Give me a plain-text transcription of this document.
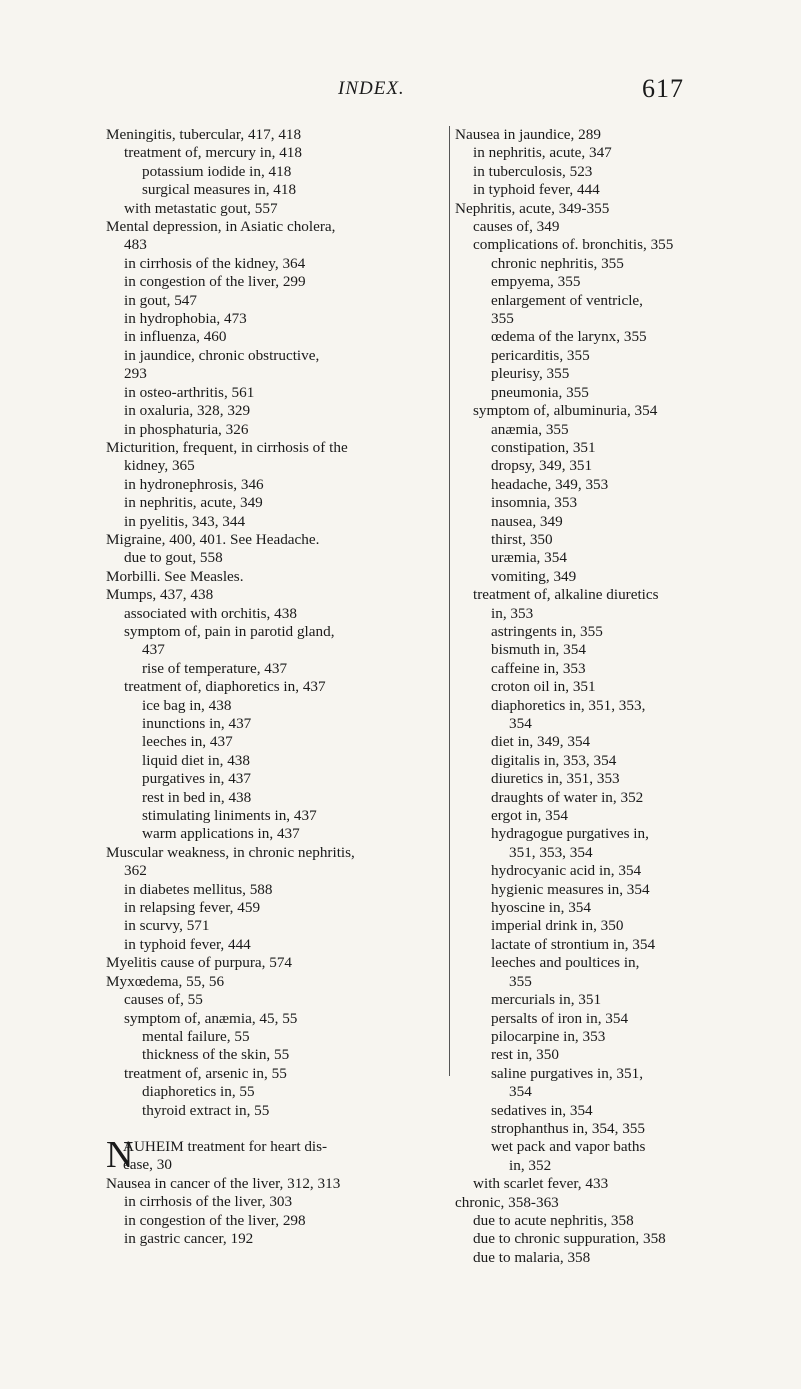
INDEX.	617
Meningitis, tubercular, 417, 418
treatment of, mercury in, 418
potassium iodide in, 418
surgical measures in, 418
with metastatic gout, 557
Mental depression, in Asiatic cholera,
483
in cirrhosis of the kidney, 364
in congestion of the liver, 299
in gout, 547
in hydrophobia, 473
in influenza, 460
in jaundice, chronic obstructive,
293
in osteo-arthritis, 561
in oxaluria, 328, 329
in phosphaturia, 326
Micturition, frequent, in cirrhosis of the
kidney, 365
in hydronephrosis, 346
in nephritis, acute, 349
in pyelitis, 343, 344
Migraine, 400, 401. See Headache.
due to gout, 558
Morbilli. See Measles.
Mumps, 437, 438
associated with orchitis, 438
symptom of, pain in parotid gland,
437
rise of temperature, 437
treatment of, diaphoretics in, 437
ice bag in, 438
inunctions in, 437
leeches in, 437
liquid diet in, 438
purgatives in, 437
rest in bed in, 438
stimulating liniments in, 437
warm applications in, 437
Muscular weakness, in chronic nephritis,
362
in diabetes mellitus, 588
in relapsing fever, 459
in scurvy, 571
in typhoid fever, 444
Myelitis cause of purpura, 574
Myxœdema, 55, 56
causes of, 55
symptom of, anæmia, 45, 55
mental failure, 55
thickness of the skin, 55
treatment of, arsenic in, 55
diaphoretics in, 55
thyroid extract in, 55
N
AUHEIM treatment for heart dis-
ease, 30
Nausea in cancer of the liver, 312, 313
in cirrhosis of the liver, 303
in congestion of the liver, 298
in gastric cancer, 192
Nausea in jaundice, 289
in nephritis, acute, 347
in tuberculosis, 523
in typhoid fever, 444
Nephritis, acute, 349-355
causes of, 349
complications of. bronchitis, 355
chronic nephritis, 355
empyema, 355
enlargement of ventricle,
355
œdema of the larynx, 355
pericarditis, 355
pleurisy, 355
pneumonia, 355
symptom of, albuminuria, 354
anæmia, 355
constipation, 351
dropsy, 349, 351
headache, 349, 353
insomnia, 353
nausea, 349
thirst, 350
uræmia, 354
vomiting, 349
treatment of, alkaline diuretics
in, 353
astringents in, 355
bismuth in, 354
caffeine in, 353
croton oil in, 351
diaphoretics in, 351, 353,
354
diet in, 349, 354
digitalis in, 353, 354
diuretics in, 351, 353
draughts of water in, 352
ergot in, 354
hydragogue purgatives in,
351, 353, 354
hydrocyanic acid in, 354
hygienic measures in, 354
hyoscine in, 354
imperial drink in, 350
lactate of strontium in, 354
leeches and poultices in,
355
mercurials in, 351
persalts of iron in, 354
pilocarpine in, 353
rest in, 350
saline purgatives in, 351,
354
sedatives in, 354
strophanthus in, 354, 355
wet pack and vapor baths
in, 352
with scarlet fever, 433
chronic, 358-363
due to acute nephritis, 358
due to chronic suppuration, 358
due to malaria, 358
